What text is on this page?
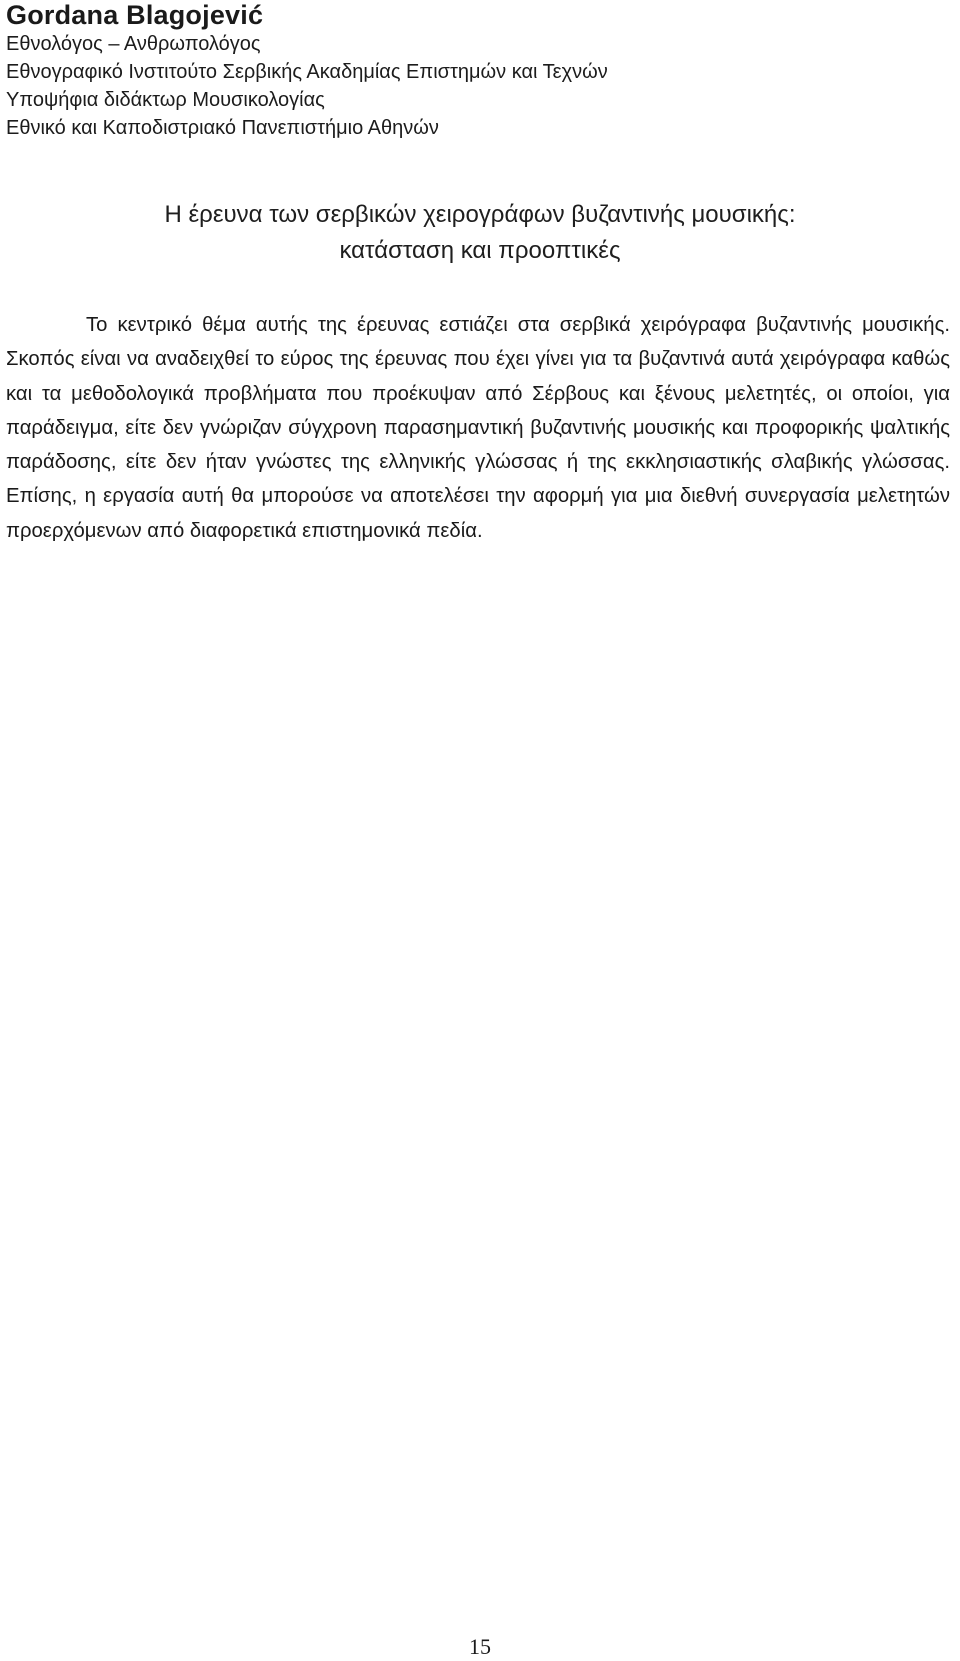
Gordana Blagojević

Εθνολόγος – Ανθρωπολόγος

Εθνογραφικό Ινστιτούτο Σερβικής Ακαδημίας Επιστημών και Τεχνών

Υποψήφια διδάκτωρ Μουσικολογίας

Εθνικό και Καποδιστριακό Πανεπιστήμιο Αθηνών

Η έρευνα των σερβικών χειρογράφων βυζαντινής μουσικής:

κατάσταση και προοπτικές

Το κεντρικό θέμα αυτής της έρευνας εστιάζει στα σερβικά χειρόγραφα βυζαντινής μουσικής. Σκοπός είναι να αναδειχθεί το εύρος της έρευνας που έχει γίνει για τα βυζαντινά αυτά χειρόγραφα καθώς και τα μεθοδολογικά προβλήματα που προέκυψαν από Σέρβους και ξένους μελετητές, οι οποίοι, για παράδειγμα, είτε δεν γνώριζαν σύγχρονη παρασημαντική βυζαντινής μουσικής και προφορικής ψαλτικής παράδοσης, είτε δεν ήταν γνώστες της ελληνικής γλώσσας ή της εκκλησιαστικής σλαβικής γλώσσας. Επίσης, η εργασία αυτή θα μπορούσε να αποτελέσει την αφορμή για μια διεθνή συνεργασία μελετητών προερχόμενων από διαφορετικά επιστημονικά πεδία.

15
